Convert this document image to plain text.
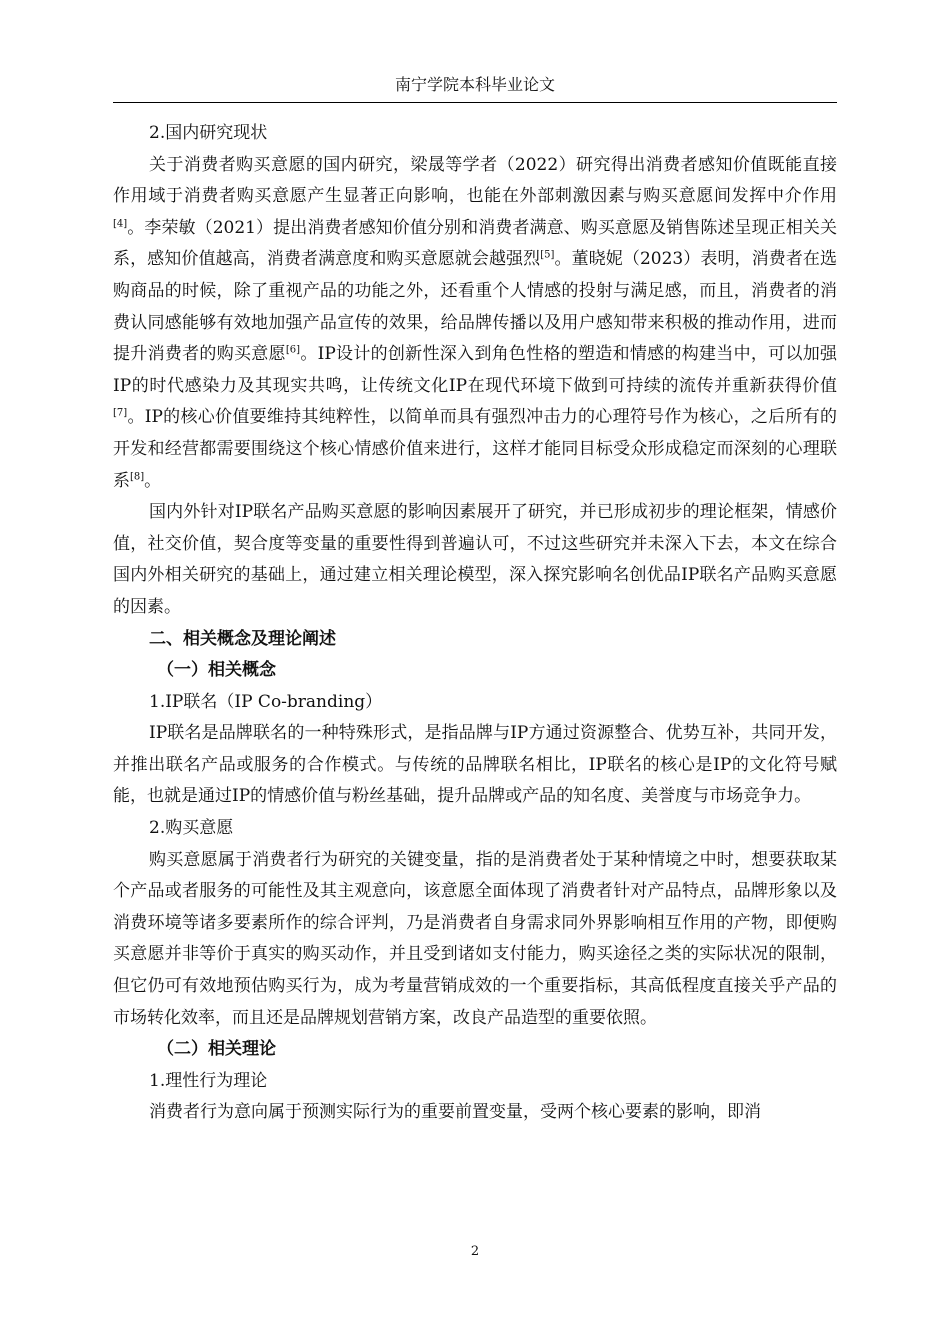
南宁学院本科毕业论文

2.国内研究现状

关于消费者购买意愿的国内研究，梁晟等学者（2022）研究得出消费者感知价值既能直接作用域于消费者购买意愿产生显著正向影响，也能在外部刺激因素与购买意愿间发挥中介作用[4]。李荣敏（2021）提出消费者感知价值分别和消费者满意、购买意愿及销售陈述呈现正相关关系，感知价值越高，消费者满意度和购买意愿就会越强烈[5]。董晓妮（2023）表明，消费者在选购商品的时候，除了重视产品的功能之外，还看重个人情感的投射与满足感，而且，消费者的消费认同感能够有效地加强产品宣传的效果，给品牌传播以及用户感知带来积极的推动作用，进而提升消费者的购买意愿[6]。IP设计的创新性深入到角色性格的塑造和情感的构建当中，可以加强IP的时代感染力及其现实共鸣，让传统文化IP在现代环境下做到可持续的流传并重新获得价值[7]。IP的核心价值要维持其纯粹性，以简单而具有强烈冲击力的心理符号作为核心，之后所有的开发和经营都需要围绕这个核心情感价值来进行，这样才能同目标受众形成稳定而深刻的心理联系[8]。

国内外针对IP联名产品购买意愿的影响因素展开了研究，并已形成初步的理论框架，情感价值，社交价值，契合度等变量的重要性得到普遍认可，不过这些研究并未深入下去，本文在综合国内外相关研究的基础上，通过建立相关理论模型，深入探究影响名创优品IP联名产品购买意愿的因素。

二、相关概念及理论阐述

（一）相关概念

1.IP联名（IP Co-branding）

IP联名是品牌联名的一种特殊形式，是指品牌与IP方通过资源整合、优势互补，共同开发，并推出联名产品或服务的合作模式。与传统的品牌联名相比，IP联名的核心是IP的文化符号赋能，也就是通过IP的情感价值与粉丝基础，提升品牌或产品的知名度、美誉度与市场竞争力。

2.购买意愿

购买意愿属于消费者行为研究的关键变量，指的是消费者处于某种情境之中时，想要获取某个产品或者服务的可能性及其主观意向，该意愿全面体现了消费者针对产品特点，品牌形象以及消费环境等诸多要素所作的综合评判，乃是消费者自身需求同外界影响相互作用的产物，即便购买意愿并非等价于真实的购买动作，并且受到诸如支付能力，购买途径之类的实际状况的限制，但它仍可有效地预估购买行为，成为考量营销成效的一个重要指标，其高低程度直接关乎产品的市场转化效率，而且还是品牌规划营销方案，改良产品造型的重要依照。

（二）相关理论

1.理性行为理论

消费者行为意向属于预测实际行为的重要前置变量，受两个核心要素的影响，即消

2
